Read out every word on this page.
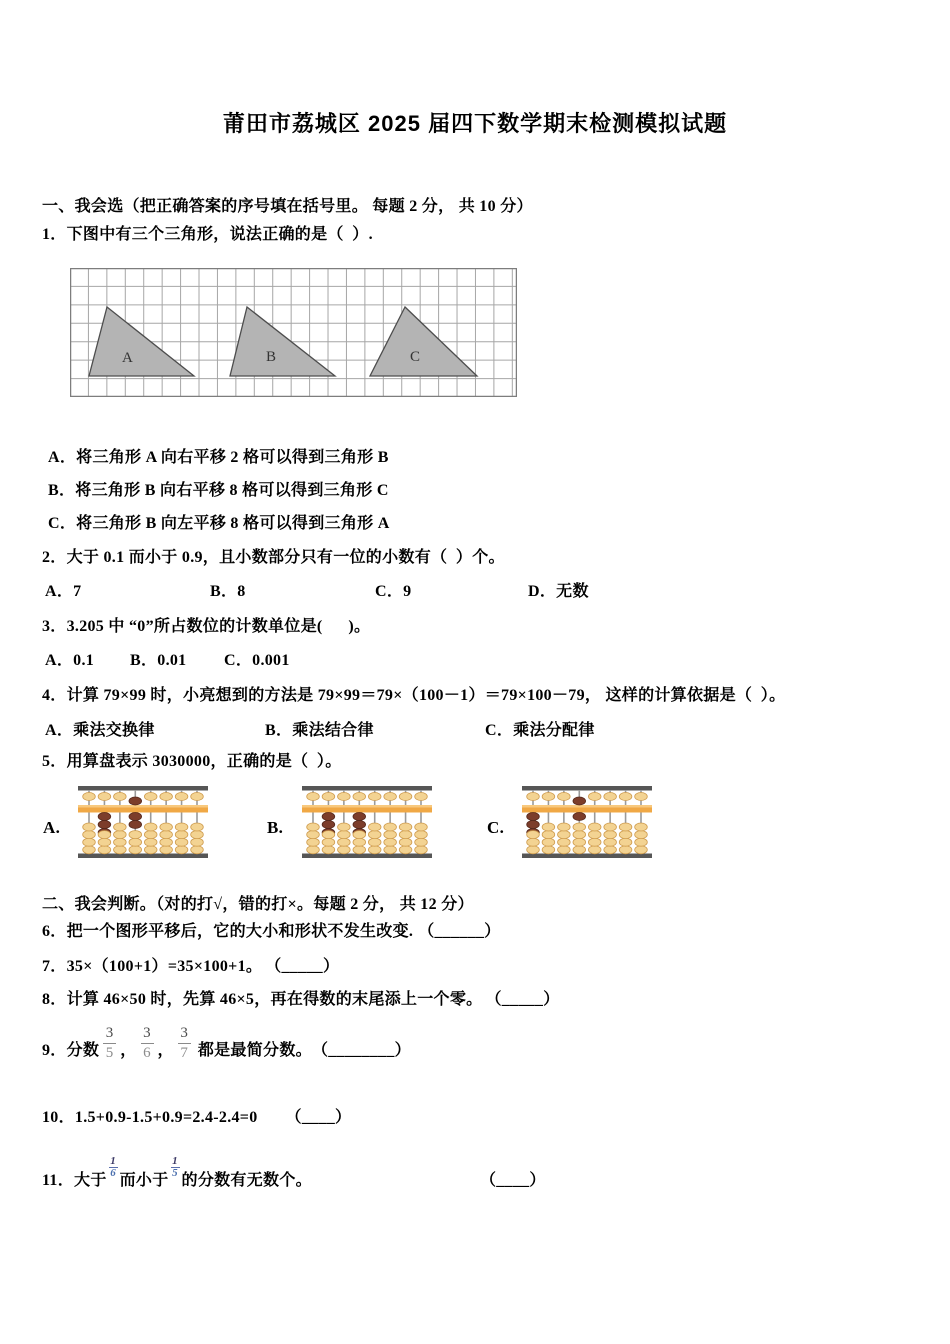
莆田市荔城区 2025 届四下数学期末检测模拟试题
一、我会选（把正确答案的序号填在括号里。 每题 2 分， 共 10 分）
1．下图中有三个三角形，说法正确的是（  ）.
A	B	C
A．将三角形 A 向右平移 2 格可以得到三角形 B
B．将三角形 B 向右平移 8 格可以得到三角形 C
C．将三角形 B 向左平移 8 格可以得到三角形 A
2．大于 0.1 而小于 0.9，且小数部分只有一位的小数有（  ）个。
A．7	B．8	C．9	D．无数
3．3.205 中 “0”所占数位的计数单位是(      )。
A．0.1 B．0.01 C．0.001
4．计算 79×99 时，小亮想到的方法是 79×99＝79×（100－1）＝79×100－79， 这样的计算依据是（  ）。
A．乘法交换律	B．乘法结合律	C．乘法分配律
5．用算盘表示 3030000，正确的是（  ）。
A.	B.	C.
二、我会判断。（对的打√，错的打×。每题 2 分， 共 12 分）
6．把一个图形平移后，它的大小和形状不发生改变. （______）
7．35×（100+1）=35×100+1。 （_____）
8．计算 46×50 时，先算 46×5，再在得数的末尾添上一个零。 （_____）
9．分数 $\frac{3}{5}$ ， $\frac{3}{6}$ ， $\frac{3}{7}$ 都是最简分数。 （________）
10．1.5+0.9-1.5+0.9=2.4-2.4=0 （____）
11．大于
$\frac{1}{6}$
而小于
$\frac{1}{5}$
的分数有无数个。	（____）
